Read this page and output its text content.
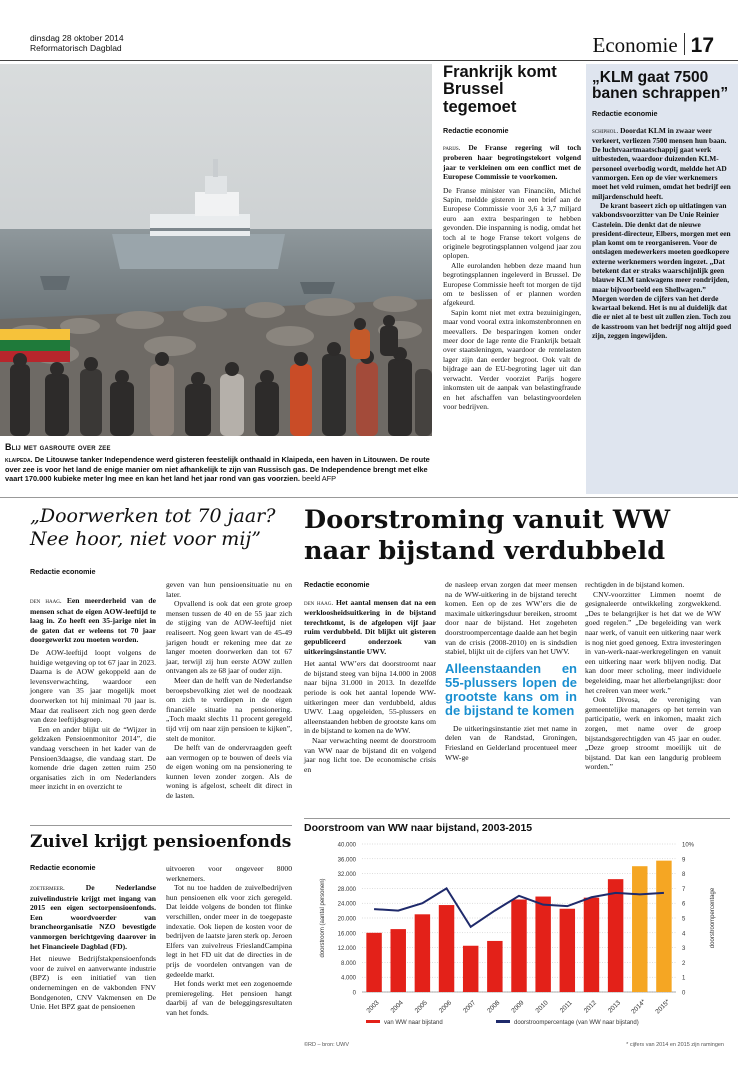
dinsdag 28 oktober 2014
Reformatorisch Dagblad	Economie 17
Blij met gasroute over zee
klaipeda. De Litouwse tanker Independence werd gisteren feestelijk onthaald in Klaipeda, een haven in Litouwen. De route over zee is voor het land de enige manier om niet afhankelijk te zijn van Russisch gas. De Independence brengt met elke vaart 170.000 kubieke meter lng mee en kan het land het jaar rond van gas voorzien. beeld AFP
Frankrijk komt Brussel tegemoet
Redactie economie

parijs. De Franse regering wil toch proberen haar begrotingstekort volgend jaar te verkleinen om een conflict met de Europese Commissie te voorkomen.

De Franse minister van Financiën, Michel Sapin, meldde gisteren in een brief aan de Europese Commissie voor 3,6 à 3,7 miljard euro aan extra besparingen te hebben gevonden. Die inspanning is nodig, omdat het toch al te hoge Franse tekort volgens de originele begrotingsplannen volgend jaar zou oplopen.

Alle eurolanden hebben deze maand hun begrotingsplannen ingeleverd in Brussel. De Europese Commissie heeft tot morgen de tijd om te beslissen of er plannen worden afgekeurd.

Sapin komt niet met extra bezuinigingen, maar vond vooral extra inkomstenbronnen en meevallers. De besparingen komen onder meer door de lage rente die Frankrijk betaalt over staatsleningen, waardoor de rentelasten lager zijn dan eerder begroot. Ook valt de bijdrage aan de EU-begroting lager uit dan verwacht. Verder voorziet Parijs hogere inkomsten uit de aanpak van belastingfraude en het afschaffen van belastingvoordelen voor bedrijven.

„KLM gaat 7500 banen schrappen”
Redactie economie

schiphol. Doordat KLM in zwaar weer verkeert, verliezen 7500 mensen hun baan. De luchtvaartmaatschappij gaat werk uitbesteden, waardoor duizenden KLM-personeel overbodig wordt, meldde het AD vanmorgen. Een op de vier werknemers moet het veld ruimen, omdat het bedrijf een miljardenschuld heeft.

De krant baseert zich op uitlatingen van vakbondsvoorzitter van De Unie Reinier Castelein. Die denkt dat de nieuwe president-directeur, Elbers, morgen met een plan komt om te reorganiseren. Voor de ontslagen medewerkers moeten goedkopere externe werknemers worden ingezet. „Dat betekent dat er straks waarschijnlijk geen blauwe KLM tankwagens meer rondrijden, maar bijvoorbeeld een Shellwagen.” Morgen worden de cijfers van het derde kwartaal bekend. Het is nu al duidelijk dat die er niet al te best uit zullen zien. Toch zou de kasstroom van het bedrijf nog altijd goed zijn, zeggen ingewijden.

„Doorwerken tot 70 jaar? Nee hoor, niet voor mij”
Redactie economie

den haag. Een meerderheid van de mensen schat de eigen AOW-leeftijd te laag in. Zo heeft een 35-jarige niet in de gaten dat er weleens tot 70 jaar doorgewerkt zou moeten worden.

De AOW-leeftijd loopt volgens de huidige wetgeving op tot 67 jaar in 2023. Daarna is de AOW gekoppeld aan de levensverwachting, waardoor een jongere van 35 jaar mogelijk moet doorwerken tot hij minimaal 70 jaar is. Maar dat realiseert zich nog geen derde van deze leeftijdsgroep.

Een en ander blijkt uit de “Wijzer in geldzaken Pensioenmonitor 2014”, die vandaag verscheen in het kader van de Pensioen3daagse, die vandaag start. De komende drie dagen zetten ruim 250 organisaties zich in om Nederlanders meer inzicht in en overzicht te

geven van hun pensioensituatie nu en later.

Opvallend is ook dat een grote groep mensen tussen de 40 en de 55 jaar zich de stijging van de AOW-leeftijd niet realiseert. Nog geen kwart van de 45-49 jarigen houdt er rekening mee dat ze langer moeten doorwerken dan tot 67 jaar, terwijl zij hun eerste AOW zullen ontvangen als ze 68 jaar of ouder zijn.

Meer dan de helft van de Nederlandse beroepsbevolking ziet wel de noodzaak om zich te verdiepen in de eigen financiële situatie na pensionering. „Toch maakt slechts 11 procent geregeld tijd vrij om naar zijn pensioen te kijken”, stelt de monitor.

De helft van de ondervraagden geeft aan vermogen op te bouwen of deels via de eigen woning om na pensionering te kunnen leven zonder zorgen. Als de woning is afgelost, scheelt dit direct in de lasten.

Doorstroming vanuit WW naar bijstand verdubbeld
Redactie economie

den haag. Het aantal mensen dat na een werkloosheidsuitkering in de bijstand terechtkomt, is de afgelopen vijf jaar ruim verdubbeld. Dit blijkt uit gisteren gepubliceerd onderzoek van uitkeringsinstantie UWV.

Het aantal WW’ers dat doorstroomt naar de bijstand steeg van bijna 14.000 in 2008 naar bijna 31.000 in 2013. In dezelfde periode is ook het aantal lopende WW-uitkeringen meer dan verdubbeld, aldus UWV. Laag opgeleiden, 55-plussers en alleenstaanden hebben de grootste kans om in de bijstand te komen na de WW.

Naar verwachting neemt de doorstroom van WW naar de bijstand dit en volgend jaar nog licht toe. De economische crisis en

de nasleep ervan zorgen dat meer mensen na de WW-uitkering in de bijstand terecht komen. Een op de zes WW’ers die de maximale uitkeringsduur bereiken, stroomt door naar de bijstand. Het zogeheten doorstroompercentage daalde aan het begin van de crisis (2008-2010) en is sindsdien stabiel, blijkt uit de cijfers van het UWV.

Alleenstaanden en 55-plussers lopen de grootste kans om in de bijstand te komen

De uitkeringsinstantie ziet met name in delen van de Randstad, Groningen, Friesland en Gelderland procentueel meer WW-ge

rechtigden in de bijstand komen.

CNV-voorzitter Limmen noemt de gesignaleerde ontwikkeling zorgwekkend. „Des te belangrijker is het dat we de WW goed regelen.” „De begeleiding van werk naar werk, of vanuit een uitkering naar werk is nog niet goed genoeg. Extra investeringen in van-werk-naar-werkregelingen en vanuit een uitkering naar werk blijven nodig. Dat kan door meer scholing, meer individuele begeleiding, maar het allerbelangrijkst: door het creëren van meer werk.”

Ook Divosa, de vereniging van gemeentelijke managers op het terrein van participatie, werk en inkomen, maakt zich zorgen, met name over de groep bijstandsgerechtigden van 45 jaar en ouder. „Deze groep stroomt moeilijk uit de bijstand. Dat kan een langdurig probleem worden.”

Zuivel krijgt pensioenfonds
Redactie economie

zoetermeer.	De Nederlandse zuivelindustrie krijgt met ingang van 2015 een eigen sectorpensioenfonds. Een woordvoerder van brancheorganisatie NZO bevestigde vanmorgen berichtgeving daarover in het Financieele Dagblad (FD).

Het nieuwe Bedrijfstakpensioenfonds voor de zuivel en aanverwante industrie (BPZ) is een initiatief van tien ondernemingen en de vakbonden FNV Bondgenoten, CNV Vakmensen en De Unie. Het BPZ gaat de pensioenen

uitvoeren voor ongeveer 8000 werknemers.

Tot nu toe hadden de zuivelbedrijven hun pensioenen elk voor zich geregeld. Dat leidde volgens de bonden tot flinke verschillen, onder meer in de toegepaste indexatie. Ook liepen de kosten voor de bedrijven de laatste jaren sterk op. Jeroen Elfers van zuivelreus FrieslandCampina legt in het FD uit dat de directies in de prijs de voordelen ontvangen van de gedeelde markt.

Het fonds werkt met een zogenoemde premieregeling. Het pensioen hangt daarbij af van de beleggingsresultaten van het fonds.

Doorstroom van WW naar bijstand, 2003-2015
0
4.000
8.000
12.000
16.000
20.000
24.000
28.000
32.000
36.000
40.000
0
1
2
3
4
5
6
7
8
9
10%
2003 2004 2005 2006 2007 2008 2009 2010 2011 2012 2013 2014* 2015*
doorstroom (aantal personen)	doorstroompercentage
van WW naar bijstand	doorstroompercentage (van WW naar bijstand)
©RD – bron: UWV	* cijfers van 2014 en 2015 zijn ramingen
